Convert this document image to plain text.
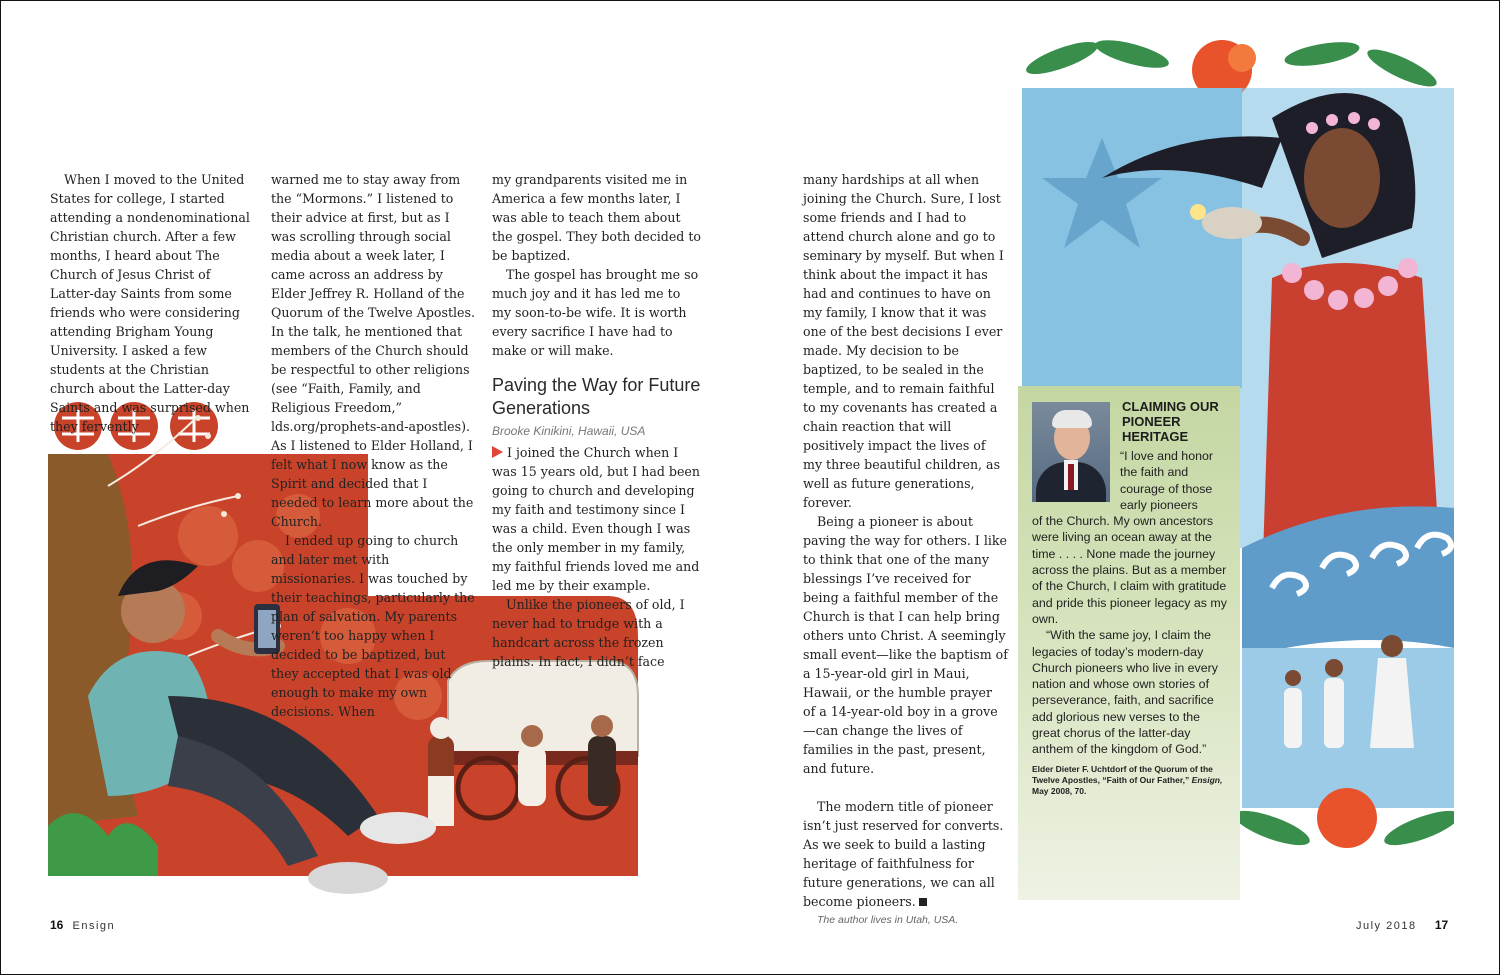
When I moved to the United States for college, I started attending a nondenominational Christian church. After a few months, I heard about The Church of Jesus Christ of Latter-day Saints from some friends who were considering attending Brigham Young University. I asked a few students at the Christian church about the Latter-day Saints and was surprised when they fervently

warned me to stay away from the “Mormons.” I listened to their advice at first, but as I was scrolling through social media about a week later, I came across an address by Elder Jeffrey R. Holland of the Quorum of the Twelve Apostles. In the talk, he mentioned that members of the Church should be respectful to other religions (see “Faith, Family, and Religious Freedom,” lds.org/prophets-and-apostles). As I listened to Elder Holland, I felt what I now know as the Spirit and decided that I needed to learn more about the Church.

I ended up going to church and later met with missionaries. I was touched by their teachings, particularly the plan of salvation. My parents weren’t too happy when I decided to be baptized, but they accepted that I was old enough to make my own decisions. When

my grandparents visited me in America a few months later, I was able to teach them about the gospel. They both decided to be baptized.

The gospel has brought me so much joy and it has led me to my soon-to-be wife. It is worth every sacrifice I have had to make or will make.

Paving the Way for Future Generations
Brooke Kinikini, Hawaii, USA

I joined the Church when I was 15 years old, but I had been going to church and developing my faith and testimony since I was a child. Even though I was the only member in my family, my faithful friends loved me and led me by their example.

Unlike the pioneers of old, I never had to trudge with a handcart across the frozen plains. In fact, I didn’t face

many hardships at all when joining the Church. Sure, I lost some friends and I had to attend church alone and go to seminary by myself. But when I think about the impact it has had and continues to have on my family, I know that it was one of the best decisions I ever made. My decision to be baptized, to be sealed in the temple, and to remain faithful to my covenants has created a chain reaction that will positively impact the lives of my three beautiful children, as well as future generations, forever.

Being a pioneer is about paving the way for others. I like to think that one of the many blessings I’ve received for being a faithful member of the Church is that I can help bring others unto Christ. A seemingly small event—like the baptism of a 15-year-old girl in Maui, Hawaii, or the humble prayer of a 14-year-old boy in a grove—can change the lives of families in the past, present, and future.

The modern title of pioneer isn’t just reserved for converts. As we seek to build a lasting heritage of faithfulness for future generations, we can all become pioneers.

The author lives in Utah, USA.

CLAIMING OUR PIONEER HERITAGE
“I love and honor
the faith and
courage of those
early pioneers
of the Church. My own ancestors were living an ocean away at the time . . . . None made the journey across the plains. But as a member of the Church, I claim with gratitude and pride this pioneer legacy as my own.
“With the same joy, I claim the legacies of today’s modern-day Church pioneers who live in every nation and whose own stories of perseverance, faith, and sacrifice add glorious new verses to the great chorus of the latter-day anthem of the kingdom of God.”
Elder Dieter F. Uchtdorf of the Quorum of the Twelve Apostles, “Faith of Our Father,” Ensign, May 2008, 70.
16 Ensign	July 2018 17
